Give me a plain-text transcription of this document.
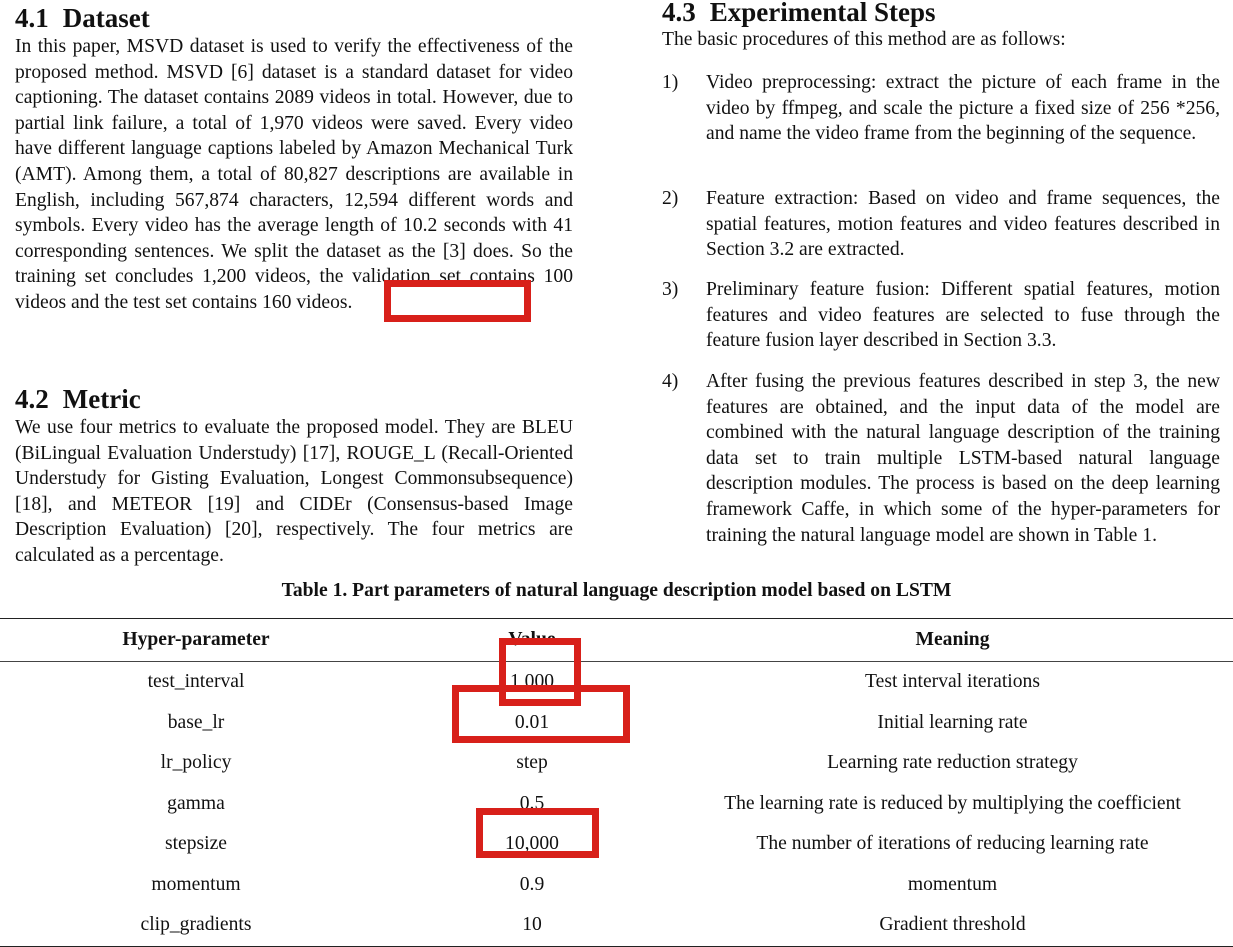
4.1 Dataset

In this paper, MSVD dataset is used to verify the effectiveness of the proposed method. MSVD [6] dataset is a standard dataset for video captioning. The dataset contains 2089 videos in total. However, due to partial link failure, a total of 1,970 videos were saved. Every video have different language captions labeled by Amazon Mechanical Turk (AMT). Among them, a total of 80,827 descriptions are available in English, including 567,874 characters, 12,594 different words and symbols. Every video has the average length of 10.2 seconds with 41 corresponding sentences. We split the dataset as the [3] does. So the training set concludes 1,200 videos, the validation set contains 100 videos and the test set contains 160 videos.

4.2 Metric

We use four metrics to evaluate the proposed model. They are BLEU (BiLingual Evaluation Understudy) [17], ROUGE_L (Recall-Oriented Understudy for Gisting Evaluation, Longest Commonsubsequence) [18], and METEOR [19] and CIDEr (Consensus-based Image Description Evaluation) [20], respectively. The four metrics are calculated as a percentage.

4.3 Experimental Steps

The basic procedures of this method are as follows:

1) Video preprocessing: extract the picture of each frame in the video by ffmpeg, and scale the picture a fixed size of 256 *256, and name the video frame from the beginning of the sequence.
2) Feature extraction: Based on video and frame sequences, the spatial features, motion features and video features described in Section 3.2 are extracted.
3) Preliminary feature fusion: Different spatial features, motion features and video features are selected to fuse through the feature fusion layer described in Section 3.3.
4) After fusing the previous features described in step 3, the new features are obtained, and the input data of the model are combined with the natural language description of the training data set to train multiple LSTM-based natural language description modules. The process is based on the deep learning framework Caffe, in which some of the hyper-parameters for training the natural language model are shown in Table 1.
Table 1. Part parameters of natural language description model based on LSTM
Hyper-parameter	Value	Meaning
test_interval	1,000	Test interval iterations
base_lr	0.01	Initial learning rate
lr_policy	step	Learning rate reduction strategy
gamma	0.5	The learning rate is reduced by multiplying the coefficient
stepsize	10,000	The number of iterations of reducing learning rate
momentum	0.9	momentum
clip_gradients	10	Gradient threshold
